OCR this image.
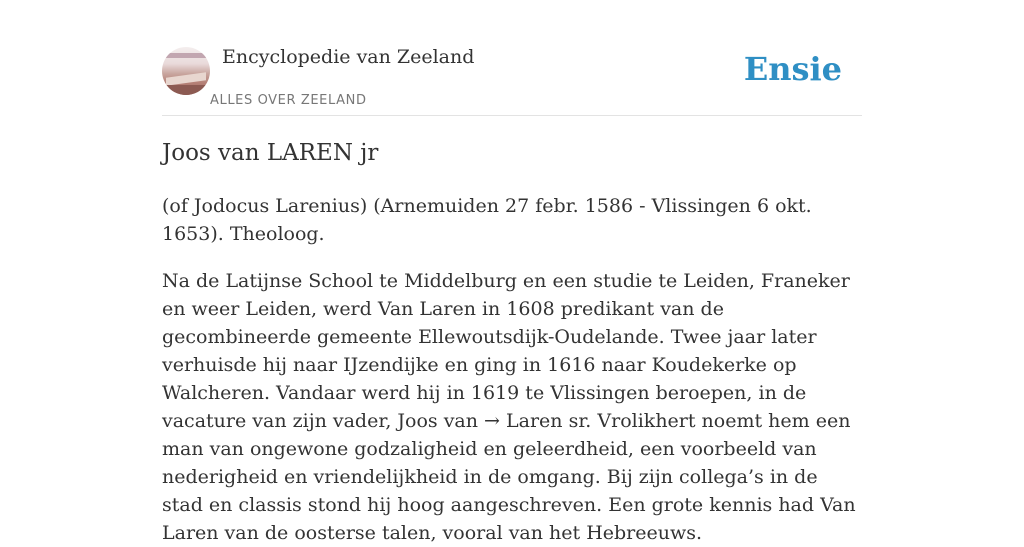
Encyclopedie van Zeeland
ALLES OVER ZEELAND
Ensie
Joos van LAREN jr

(of Jodocus Larenius) (Arnemuiden 27 febr. 1586 - Vlissingen 6 okt. 1653). Theoloog.

Na de Latijnse School te Middelburg en een studie te Leiden, Franeker en weer Leiden, werd Van Laren in 1608 predikant van de gecombineerde gemeente Ellewoutsdijk-Oudelande. Twee jaar later verhuisde hij naar IJzendijke en ging in 1616 naar Koudekerke op Walcheren. Vandaar werd hij in 1619 te Vlissingen beroepen, in de vacature van zijn vader, Joos van → Laren sr. Vrolikhert noemt hem een man van ongewone godzaligheid en geleerdheid, een voorbeeld van nederigheid en vriendelijkheid in de omgang. Bij zijn collega’s in de stad en classis stond hij hoog aangeschreven. Een grote kennis had Van Laren van de oosterse talen, vooral van het Hebreeuws.
